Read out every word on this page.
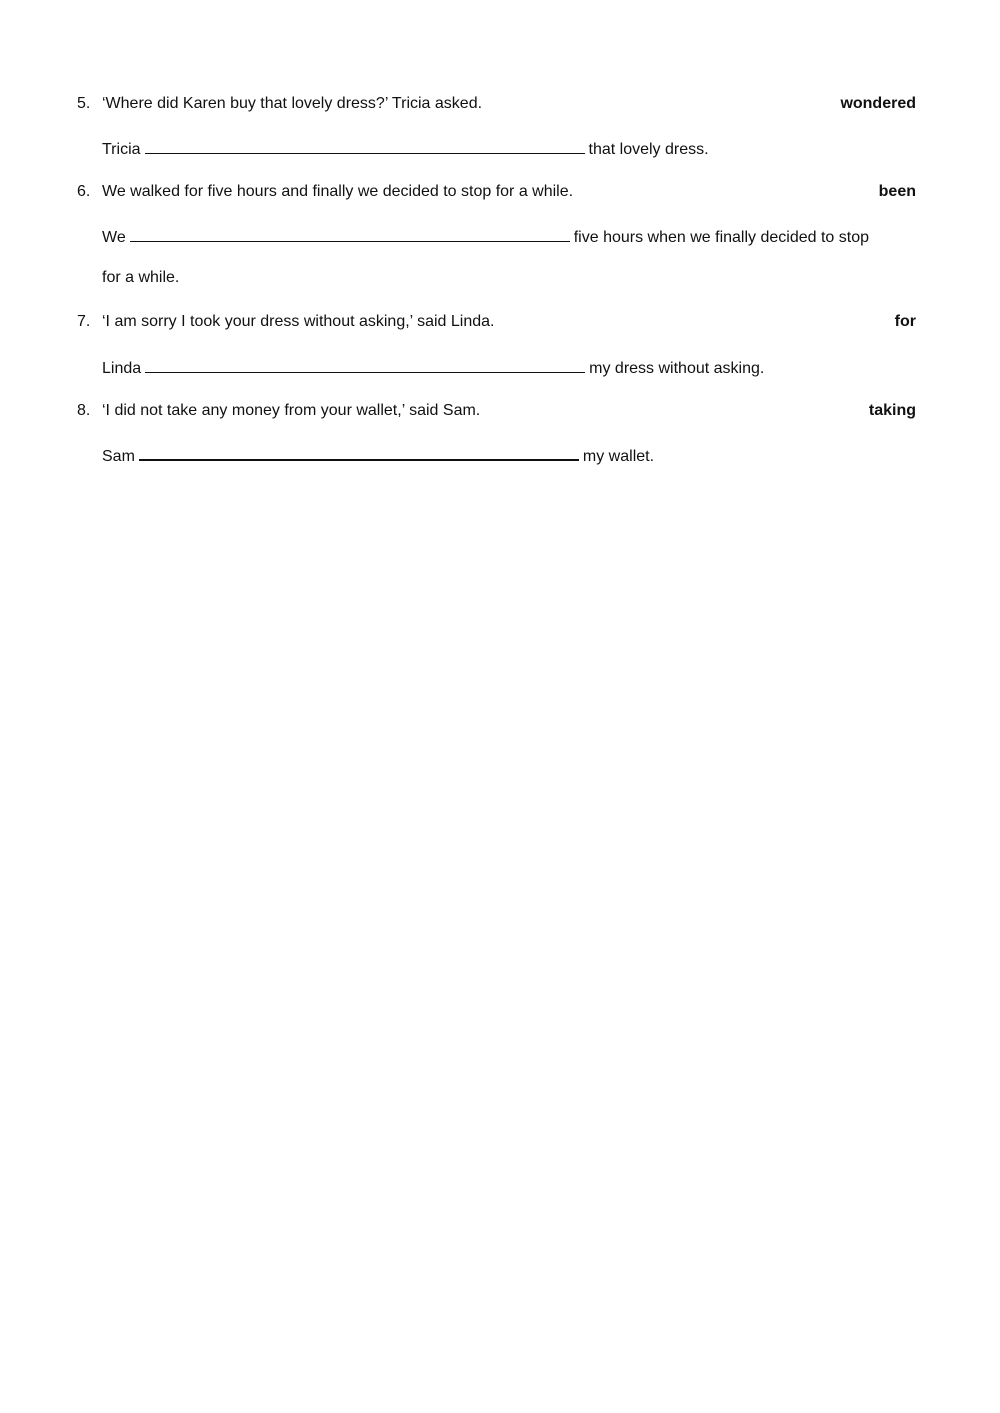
5. ‘Where did Karen buy that lovely dress?’ Tricia asked.	wondered
Tricia	that lovely dress.
6. We walked for five hours and finally we decided to stop for a while.	been
We	five hours when we finally decided to stop
for a while.
7. ‘I am sorry I took your dress without asking,’ said Linda.	for
Linda	my dress without asking.
8. ‘I did not take any money from your wallet,’ said Sam.	taking
Sam	my wallet.
